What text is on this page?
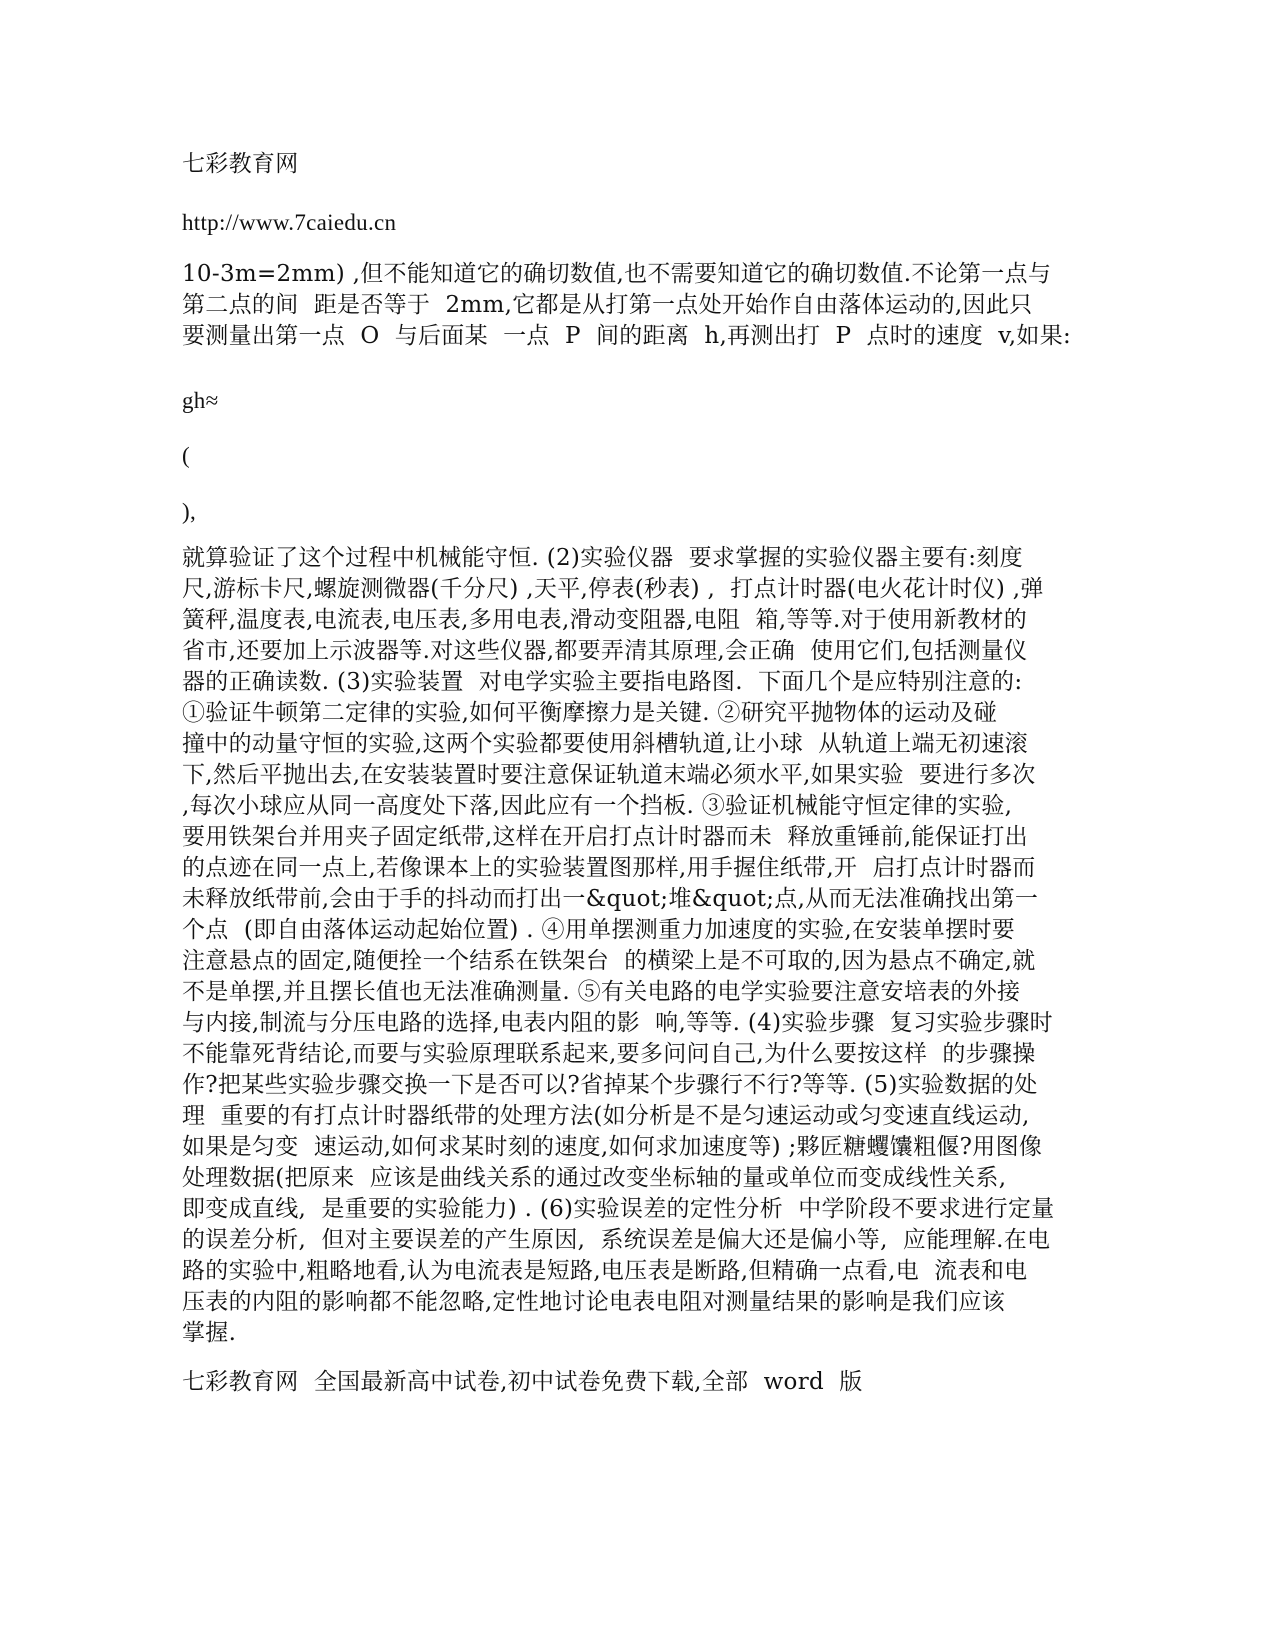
七彩教育网
http://www.7caiedu.cn
10-3m=2mm) ,但不能知道它的确切数值,也不需要知道它的确切数值.不论第一点与
第二点的间  距是否等于  2mm,它都是从打第一点处开始作自由落体运动的,因此只
要测量出第一点  O  与后面某  一点  P  间的距离  h,再测出打  P  点时的速度  v,如果:
gh≈
(
),
就算验证了这个过程中机械能守恒. (2)实验仪器  要求掌握的实验仪器主要有:刻度
尺,游标卡尺,螺旋测微器(千分尺) ,天平,停表(秒表) ,  打点计时器(电火花计时仪) ,弹
簧秤,温度表,电流表,电压表,多用电表,滑动变阻器,电阻  箱,等等.对于使用新教材的
省市,还要加上示波器等.对这些仪器,都要弄清其原理,会正确  使用它们,包括测量仪
器的正确读数. (3)实验装置  对电学实验主要指电路图.  下面几个是应特别注意的:
①验证牛顿第二定律的实验,如何平衡摩擦力是关键. ②研究平抛物体的运动及碰
撞中的动量守恒的实验,这两个实验都要使用斜槽轨道,让小球  从轨道上端无初速滚
下,然后平抛出去,在安装装置时要注意保证轨道末端必须水平,如果实验  要进行多次
,每次小球应从同一高度处下落,因此应有一个挡板. ③验证机械能守恒定律的实验,
要用铁架台并用夹子固定纸带,这样在开启打点计时器而未  释放重锤前,能保证打出
的点迹在同一点上,若像课本上的实验装置图那样,用手握住纸带,开  启打点计时器而
未释放纸带前,会由于手的抖动而打出一&quot;堆&quot;点,从而无法准确找出第一
个点  (即自由落体运动起始位置) . ④用单摆测重力加速度的实验,在安装单摆时要
注意悬点的固定,随便拴一个结系在铁架台  的横梁上是不可取的,因为悬点不确定,就
不是单摆,并且摆长值也无法准确测量. ⑤有关电路的电学实验要注意安培表的外接
与内接,制流与分压电路的选择,电表内阻的影  响,等等. (4)实验步骤  复习实验步骤时
不能靠死背结论,而要与实验原理联系起来,要多问问自己,为什么要按这样  的步骤操
作?把某些实验步骤交换一下是否可以?省掉某个步骤行不行?等等. (5)实验数据的处
理  重要的有打点计时器纸带的处理方法(如分析是不是匀速运动或匀变速直线运动,
如果是匀变  速运动,如何求某时刻的速度,如何求加速度等) ;夥匠糖蠼馕粗偃?用图像
处理数据(把原来  应该是曲线关系的通过改变坐标轴的量或单位而变成线性关系,
即变成直线,  是重要的实验能力) . (6)实验误差的定性分析  中学阶段不要求进行定量
的误差分析,  但对主要误差的产生原因,  系统误差是偏大还是偏小等,  应能理解.在电
路的实验中,粗略地看,认为电流表是短路,电压表是断路,但精确一点看,电  流表和电
压表的内阻的影响都不能忽略,定性地讨论电表电阻对测量结果的影响是我们应该
掌握.
七彩教育网  全国最新高中试卷,初中试卷免费下载,全部  word  版
